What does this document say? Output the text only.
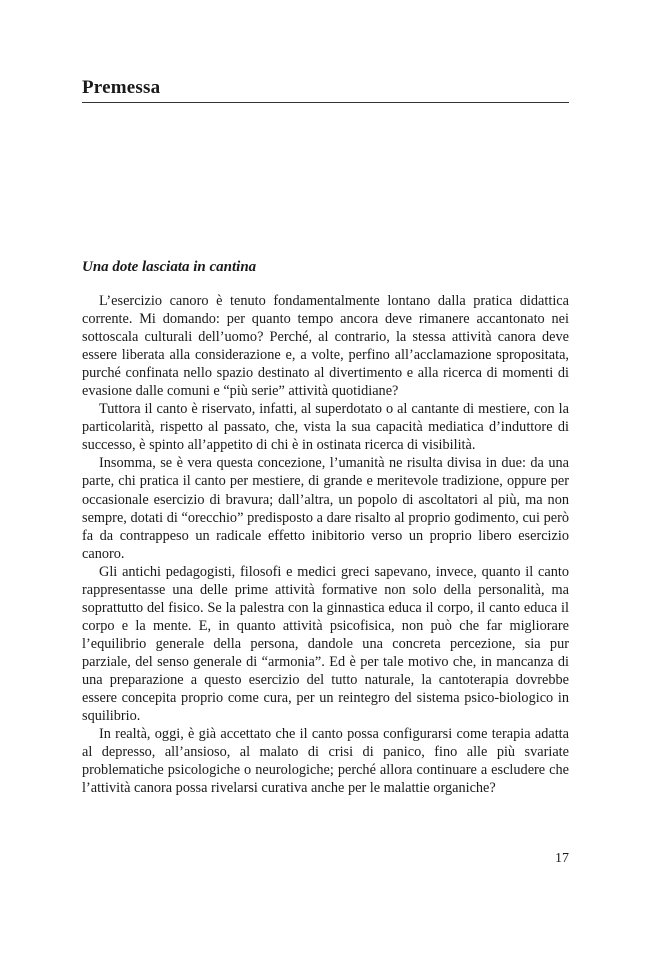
Premessa
Una dote lasciata in cantina

L’esercizio canoro è tenuto fondamentalmente lontano dalla pratica didattica corrente. Mi domando: per quanto tempo ancora deve rimanere accantonato nei sottoscala culturali dell’uomo? Perché, al contrario, la stessa attività canora deve essere liberata alla considerazione e, a volte, perfino all’acclamazione spropositata, purché confinata nello spazio destinato al divertimento e alla ricerca di momenti di evasione dalle comuni e “più serie” attività quotidiane?

Tuttora il canto è riservato, infatti, al superdotato o al cantante di mestiere, con la particolarità, rispetto al passato, che, vista la sua capacità mediatica d’induttore di successo, è spinto all’appetito di chi è in ostinata ricerca di visibilità.

Insomma, se è vera questa concezione, l’umanità ne risulta divisa in due: da una parte, chi pratica il canto per mestiere, di grande e meritevole tradizione, oppure per occasionale esercizio di bravura; dall’altra, un popolo di ascoltatori al più, ma non sempre, dotati di “orecchio” predisposto a dare risalto al proprio godimento, cui però fa da contrappeso un radicale effetto inibitorio verso un proprio libero esercizio canoro.

Gli antichi pedagogisti, filosofi e medici greci sapevano, invece, quanto il canto rappresentasse una delle prime attività formative non solo della personalità, ma soprattutto del fisico. Se la palestra con la ginnastica educa il corpo, il canto educa il corpo e la mente. E, in quanto attività psicofisica, non può che far migliorare l’equilibrio generale della persona, dandole una concreta percezione, sia pur parziale, del senso generale di “armonia”. Ed è per tale motivo che, in mancanza di una preparazione a questo esercizio del tutto naturale, la cantoterapia dovrebbe essere concepita proprio come cura, per un reintegro del sistema psico-biologico in squilibrio.

In realtà, oggi, è già accettato che il canto possa configurarsi come terapia adatta al depresso, all’ansioso, al malato di crisi di panico, fino alle più svariate problematiche psicologiche o neurologiche; perché allora continuare a escludere che l’attività canora possa rivelarsi curativa anche per le malattie organiche?

17
